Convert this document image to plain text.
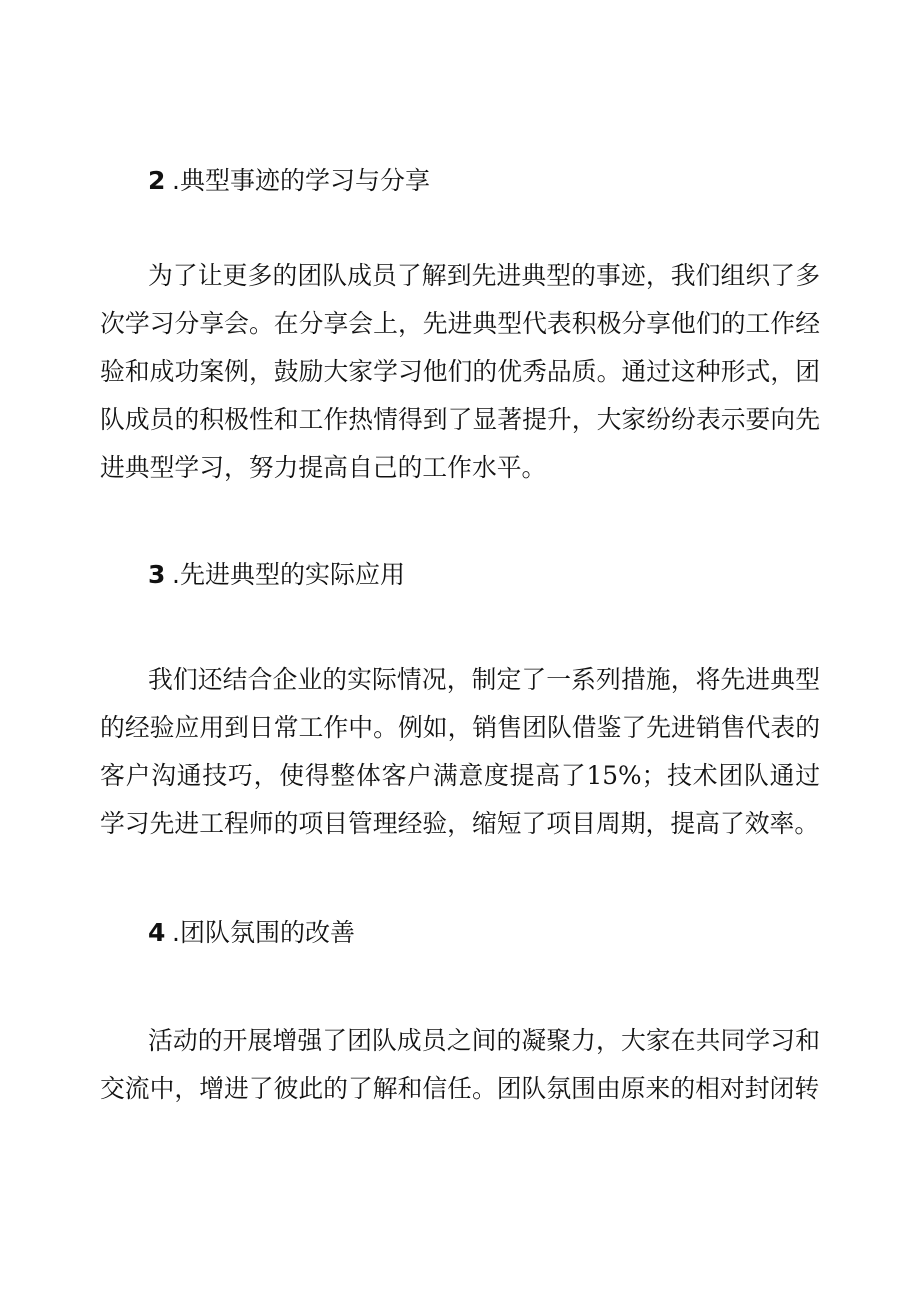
2 .典型事迹的学习与分享

为了让更多的团队成员了解到先进典型的事迹，我们组织了多次学习分享会。在分享会上，先进典型代表积极分享他们的工作经验和成功案例，鼓励大家学习他们的优秀品质。通过这种形式，团队成员的积极性和工作热情得到了显著提升，大家纷纷表示要向先进典型学习，努力提高自己的工作水平。

3 .先进典型的实际应用

我们还结合企业的实际情况，制定了一系列措施，将先进典型的经验应用到日常工作中。例如，销售团队借鉴了先进销售代表的客户沟通技巧，使得整体客户满意度提高了15%；技术团队通过学习先进工程师的项目管理经验，缩短了项目周期，提高了效率。

4 .团队氛围的改善

活动的开展增强了团队成员之间的凝聚力，大家在共同学习和交流中，增进了彼此的了解和信任。团队氛围由原来的相对封闭转
